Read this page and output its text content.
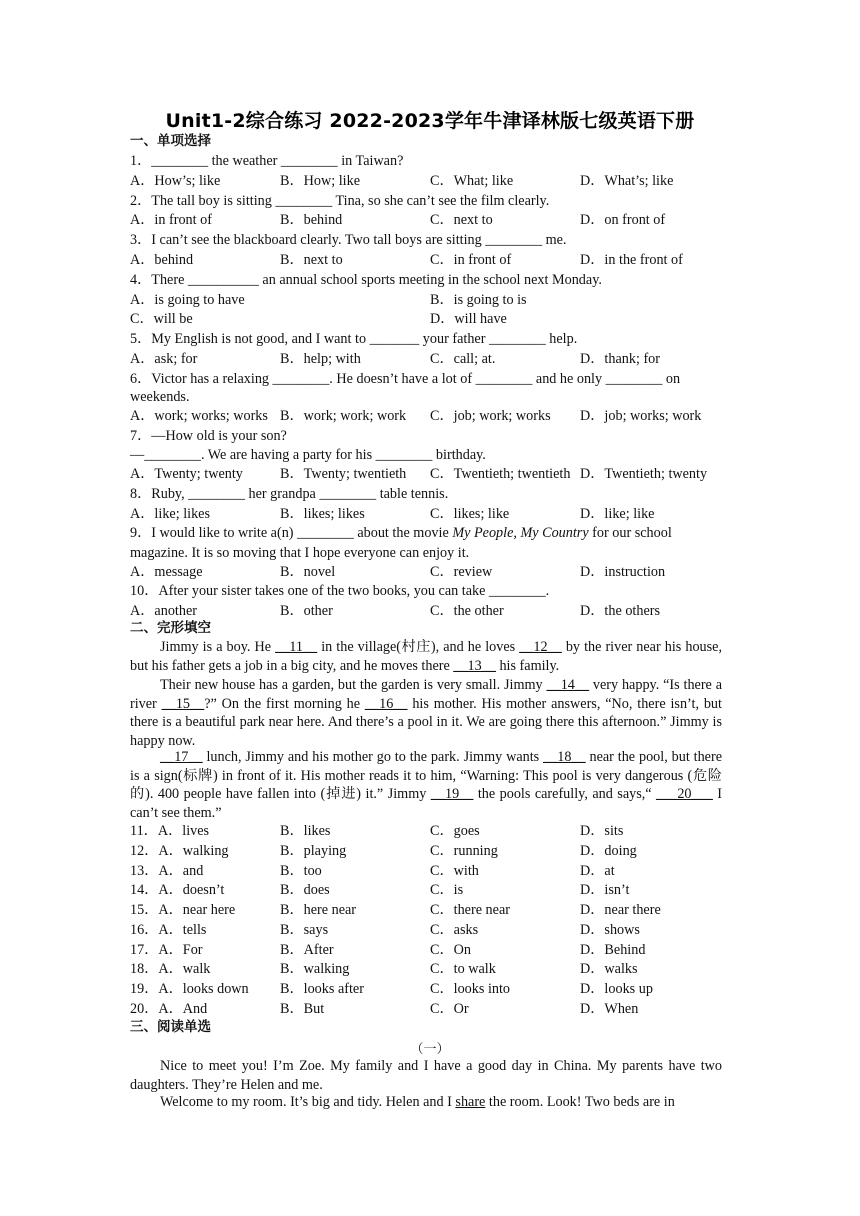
Unit1-2综合练习 2022-2023学年牛津译林版七级英语下册
一、单项选择
1．________ the weather ________ in Taiwan?
A．How’s; like	B．How; like	C．What; like	D．What’s; like
2．The tall boy is sitting ________ Tina, so she can’t see the film clearly.
A．in front of	B．behind	C．next to	D．on front of
3．I can’t see the blackboard clearly. Two tall boys are sitting ________ me.
A．behind	B．next to	C．in front of	D．in the front of
4．There __________ an annual school sports meeting in the school next Monday.
A．is going to have	B．is going to is
C．will be	D．will have
5．My English is not good, and I want to _______ your father ________ help.
A．ask; for	B．help; with	C．call; at.	D．thank; for
6．Victor has a relaxing ________. He doesn’t have a lot of ________ and he only ________ on
weekends.
A．work; works; works B．work; work; work C．job; work; works D．job; works; work
7．—How old is your son?
—________. We are having a party for his ________ birthday.
A．Twenty; twenty	B．Twenty; twentieth C．Twentieth; twentieth D．Twentieth; twenty
8．Ruby, ________ her grandpa ________ table tennis.
A．like; likes	B．likes; likes	C．likes; like	D．like; like
9．I would like to write a(n) ________ about the movie My People, My Country for our school
magazine. It is so moving that I hope everyone can enjoy it.
A．message	B．novel	C．review	D．instruction
10．After your sister takes one of the two books, you can take ________.
A．another	B．other	C．the other	D．the others
二、完形填空
Jimmy is a boy. He __11__ in the village(村庄), and he loves __12__ by the river near his house, but his father gets a job in a big city, and he moves there __13__ his family.
Their new house has a garden, but the garden is very small. Jimmy __14__ very happy. “Is there a river __15__?” On the first morning he __16__ his mother. His mother answers, “No, there isn’t, but there is a beautiful park near here. And there’s a pool in it. We are going there this afternoon.” Jimmy is happy now.
__17__ lunch, Jimmy and his mother go to the park. Jimmy wants __18__ near the pool, but there is a sign(标牌) in front of it. His mother reads it to him, “Warning: This pool is very dangerous (危险的). 400 people have fallen into (掉进) it.” Jimmy __19__ the pools carefully, and says,“ ___20___ I can’t see them.”
11．A．lives	B．likes	C．goes	D．sits
12．A．walking	B．playing	C．running	D．doing
13．A．and	B．too	C．with	D．at
14．A．doesn’t	B．does	C．is	D．isn’t
15．A．near here	B．here near	C．there near	D．near there
16．A．tells	B．says	C．asks	D．shows
17．A．For	B．After	C．On	D．Behind
18．A．walk	B．walking	C．to walk	D．walks
19．A．looks down B．looks after	C．looks into	D．looks up
20．A．And	B．But	C．Or	D．When
三、阅读单选
（一）
Nice to meet you! I’m Zoe. My family and I have a good day in China. My parents have two daughters. They’re Helen and me.
Welcome to my room. It’s big and tidy. Helen and I share the room. Look! Two beds are in
